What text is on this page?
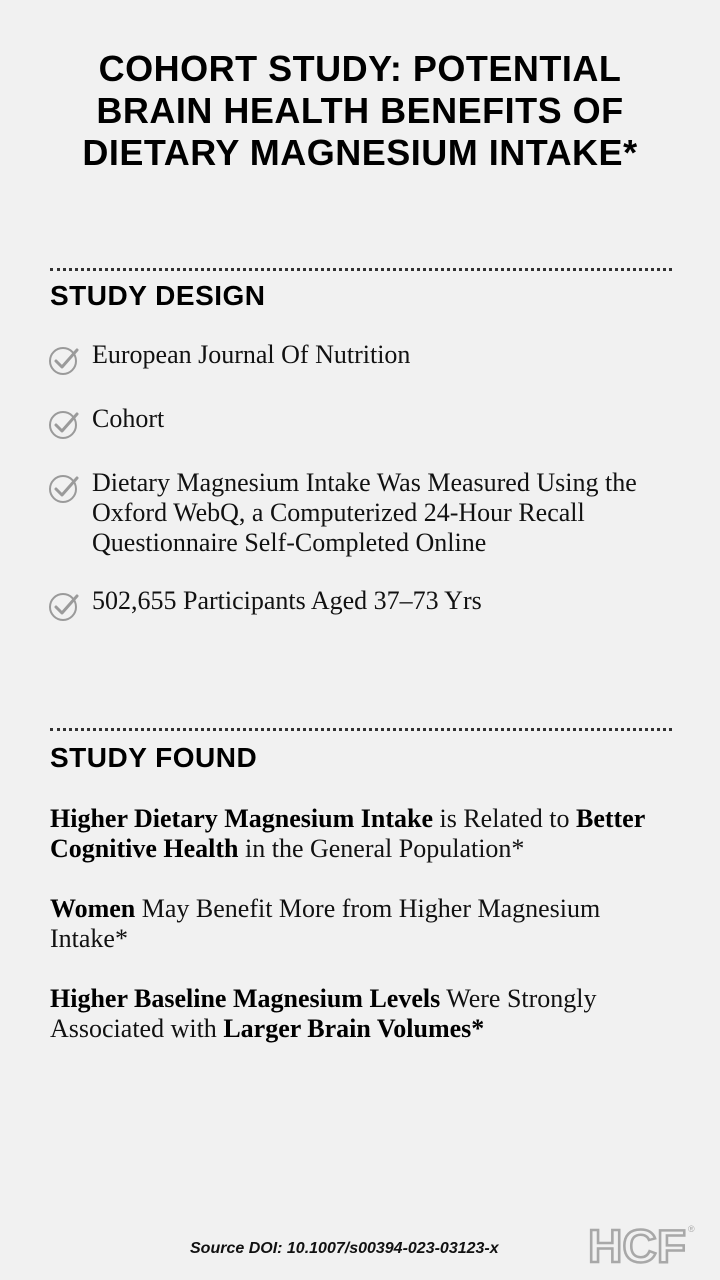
COHORT STUDY: POTENTIAL BRAIN HEALTH BENEFITS OF DIETARY MAGNESIUM INTAKE*
STUDY DESIGN
European Journal Of Nutrition
Cohort
Dietary Magnesium Intake Was Measured Using the Oxford WebQ, a Computerized 24-Hour Recall Questionnaire Self-Completed Online
502,655 Participants Aged 37–73 Yrs
STUDY FOUND
Higher Dietary Magnesium Intake is Related to Better Cognitive Health in the General Population*
Women May Benefit More from Higher Magnesium Intake*
Higher Baseline Magnesium Levels Were Strongly Associated with Larger Brain Volumes*
Source DOI: 10.1007/s00394-023-03123-x HCF ®
